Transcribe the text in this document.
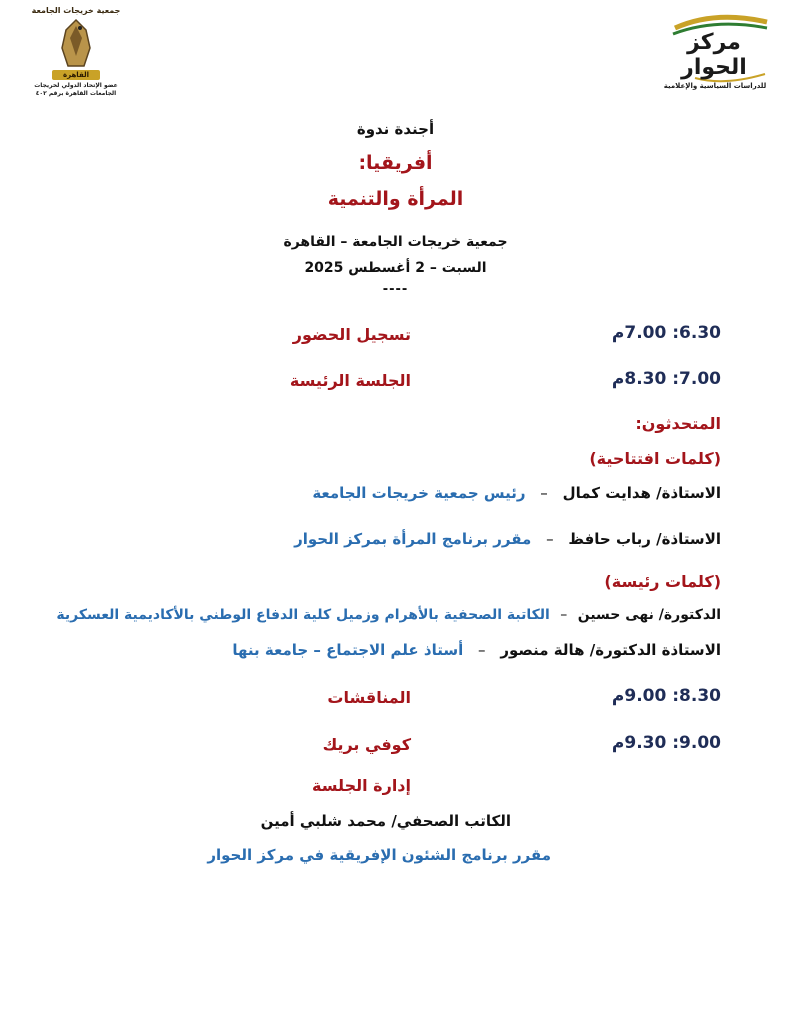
مركز الحوار
للدراسات السياسية والإعلامية
جمعية خريجات الجامعة
القاهرة
عضو الإتحاد الدولي لخريجات الجامعات القاهرة برقم ٤٠٢
أجندة ندوة
أفريقيا:
المرأة والتنمية
جمعية خريجات الجامعة – القاهرة
السبت – 2 أغسطس 2025
----
6.30: 7.00م
تسجيل الحضور
7.00: 8.30م
الجلسة الرئيسة
المتحدثون:
(كلمات افتتاحية)
الاستاذة/ هدايت كمال – رئيس جمعية خريجات الجامعة
الاستاذة/ رباب حافظ – مقرر برنامج المرأة بمركز الحوار
(كلمات رئيسة)
الدكتورة/ نهى حسين – الكاتبة الصحفية بالأهرام وزميل كلية الدفاع الوطني بالأكاديمية العسكرية
الاستاذة الدكتورة/ هالة منصور – أستاذ علم الاجتماع – جامعة بنها
8.30: 9.00م
المناقشات
9.00: 9.30م
كوفي بريك
إدارة الجلسة
الكاتب الصحفي/ محمد شلبي أمين
مقرر برنامج الشئون الإفريقية في مركز الحوار
